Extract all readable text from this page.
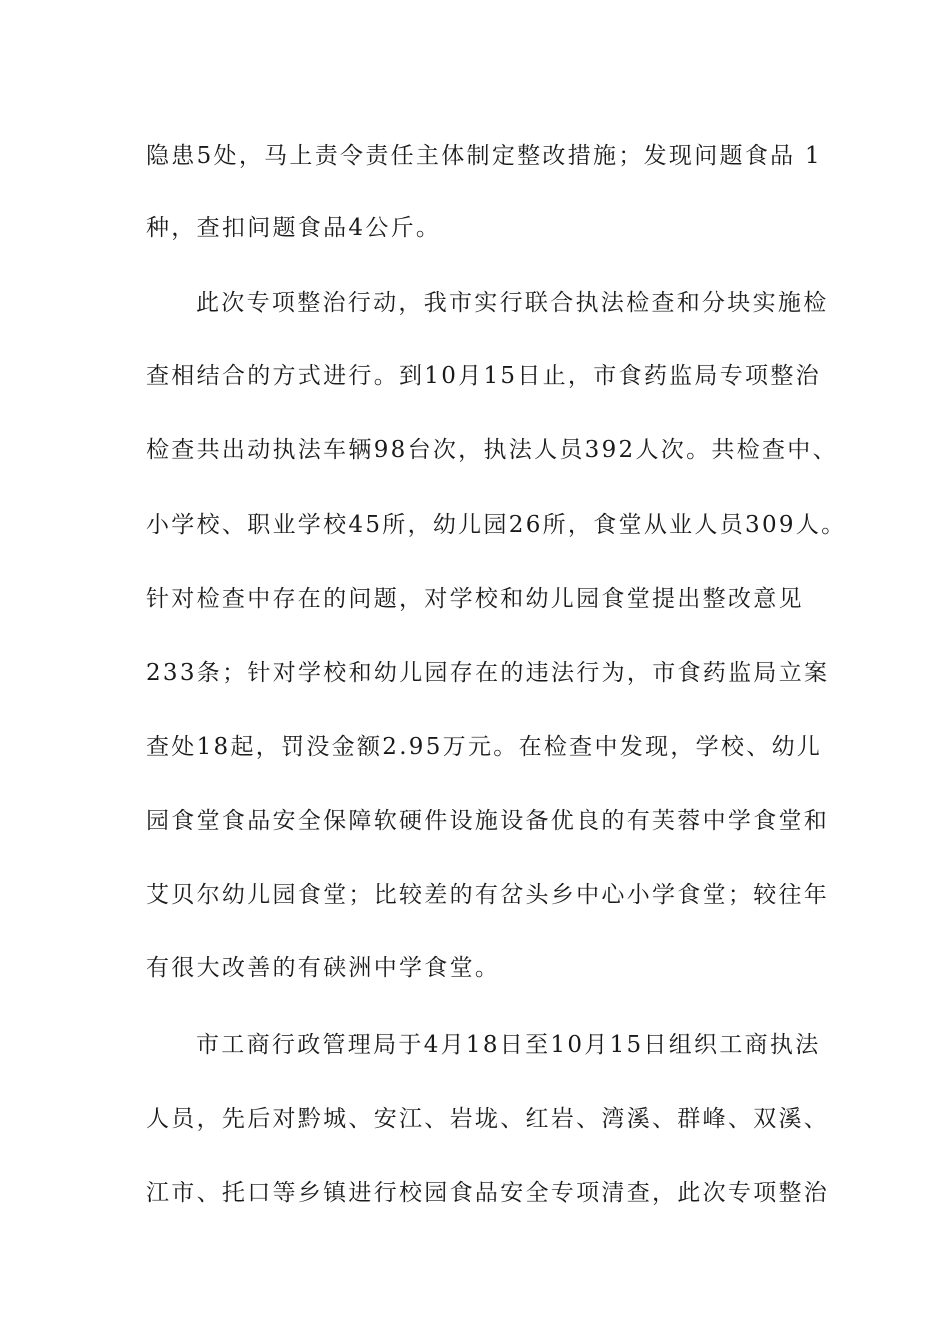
隐患5处，马上责令责任主体制定整改措施；发现问题食品 1

种，查扣问题食品4公斤。

此次专项整治行动，我市实行联合执法检查和分块实施检

查相结合的方式进行。到10月15日止，市食药监局专项整治

检查共出动执法车辆98台次，执法人员392人次。共检查中、

小学校、职业学校45所，幼儿园26所，食堂从业人员309人。

针对检查中存在的问题，对学校和幼儿园食堂提出整改意见

233条；针对学校和幼儿园存在的违法行为，市食药监局立案

查处18起，罚没金额2.95万元。在检查中发现，学校、幼儿

园食堂食品安全保障软硬件设施设备优良的有芙蓉中学食堂和

艾贝尔幼儿园食堂；比较差的有岔头乡中心小学食堂；较往年

有很大改善的有硖洲中学食堂。

市工商行政管理局于4月18日至10月15日组织工商执法

人员，先后对黔城、安江、岩垅、红岩、湾溪、群峰、双溪、

江市、托口等乡镇进行校园食品安全专项清查，此次专项整治
